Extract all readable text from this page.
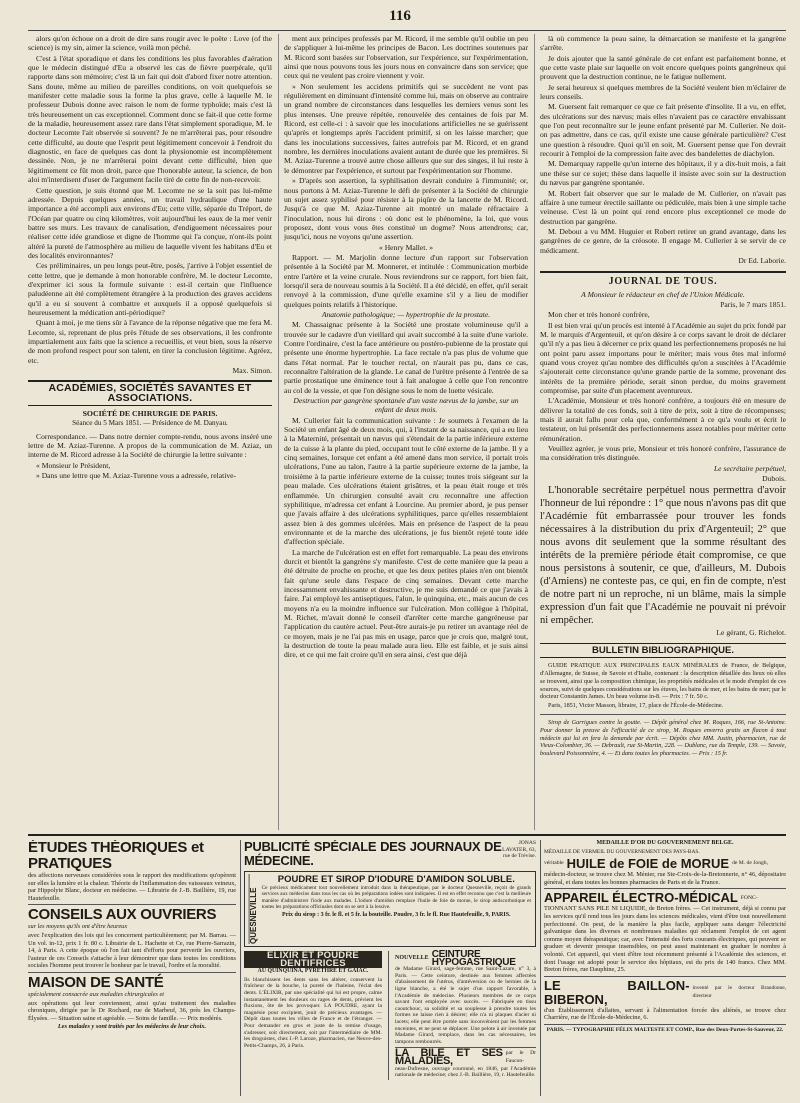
116

alors qu'on échoue on a droit de dire sans rougir avec le poëte : Love (of the science) is my sin, aimer la science, voilà mon péché.

C'est à l'état sporadique et dans les conditions les plus favorables d'aération que le médecin distingué d'Eu a observé les cas de fièvre puerpérale, qu'il rapporte dans son mémoire; c'est là un fait qui doit d'abord fixer notre attention. Sans doute, même au milieu de pareilles conditions, on voit quelquefois se manifester cette maladie sous la forme la plus grave, celle à laquelle M. le professeur Dubois donne avec raison le nom de forme typhoïde; mais c'est là très heureusement un cas exceptionnel. Comment donc se fait-il que cette forme de la maladie, heureusement assez rare dans l'état simplement sporadique, M. le docteur Lecomte l'ait observée si souvent? Je ne m'arrêterai pas, pour résoudre cette difficulté, au doute que l'esprit peut légitimement concevoir à l'endroit du diagnostic, en face de quelques cas dont la physionomie est incomplètement dessinée. Non, je ne m'arrêterai point devant cette difficulté, bien que légitimement ce fût mon droit, parce que l'honorable auteur, la science, de bon aloi m'interdisent d'user de l'argument facile tiré de cette fin de non-recevoir.

Cette question, je suis étonné que M. Lecomte ne se la soit pas lui-même adressée. Depuis quelques années, un travail hydraulique d'une haute importance a été accompli aux environs d'Eu; cette ville, séparée du Tréport, de l'Océan par quatre ou cinq kilomètres, voit aujourd'hui les eaux de la mer venir battre ses murs. Les travaux de canalisation, d'endiguement nécessaires pour réaliser cette idée grandiose et digne de l'homme qui l'a conçue, n'ont-ils point altéré la pureté de l'atmosphère au milieu de laquelle vivent les habitans d'Eu et des localités environnantes?

Ces préliminaires, un peu longs peut-être, posés, j'arrive à l'objet essentiel de cette lettre, que je demande à mon honorable confrère, M. le docteur Lecomte, d'exprimer ici sous la formule suivante : est-il certain que l'influence paludéenne ait été complètement étrangère à la production des graves accidens qu'il a eu si souvent à combattre et auxquels il a opposé quelquefois si heureusement la médication anti-périodique?

Quant à moi, je me tiens sûr à l'avance de la réponse négative que me fera M. Lecomte, si, reprenant de plus près l'étude de ses observations, il les confronte impartialement aux faits que la science a recueillis, et veut bien, sous la réserve de mon profond respect pour son talent, en tirer la conclusion légitime. Agréez, etc.

Max. Simon.

ACADÉMIES, SOCIÉTÉS SAVANTES ET ASSOCIATIONS.
SOCIÉTÉ DE CHIRURGIE DE PARIS.
Séance du 5 Mars 1851. — Présidence de M. Danyau.

Correspondance. — Dans notre dernier compte-rendu, nous avons inséré une lettre de M. Aziaz-Turenne. A propos de la communication de M. Aziaz, un interne de M. Ricord adresse à la Société de chirurgie la lettre suivante :

« Monsieur le Président,

» Dans une lettre que M. Aziaz-Turenne vous a adressée, relative-

ment aux principes professés par M. Ricord, il me semble qu'il oublie un peu de s'appliquer à lui-même les principes de Bacon. Les doctrines soutenues par M. Ricord sont basées sur l'observation, sur l'expérience, sur l'expérimentation, ainsi que nous pouvons tous les jours nous en convaincre dans son service; que ceux qui ne veulent pas croire viennent y voir.

» Non seulement les accidens primitifs qui se succèdent ne vont pas régulièrement en diminuant d'intensité comme lui, mais on observe au contraire un grand nombre de circonstances dans lesquelles les derniers venus sont les plus intenses. Une preuve répétée, renouvelée des centaines de fois par M. Ricord, est celle-ci : à savoir que les inoculations artificielles ne se guérissent qu'après et longtemps après l'accident primitif, si on les laisse marcher; que dans les inoculations successives, faites autrefois par M. Ricord, et en grand nombre, les dernières inoculations avaient autant de durée que les premières. Si M. Aziaz-Turenne a trouvé autre chose ailleurs que sur des singes, il lui reste à le démontrer par l'expérience, et surtout par l'expérimentation sur l'homme.

» D'après son assertion, la syphilisation devrait conduire à l'immunité; or, nous portons à M. Aziaz-Turenne le défi de présenter à la Société de chirurgie un sujet assez syphilisé pour résister à la piqûre de la lancette de M. Ricord. Jusqu'à ce que M. Aziaz-Turenne ait montré un malade réfractaire à l'inoculation, nous lui dirons : où donc est le phénomène, la loi, que vous proposez, dont vous vous êtes constitué un dogme? Nous attendrons; car, jusqu'ici, nous ne voyons qu'une assertion.

« Henry Mallet. »

Rapport. — M. Marjolin donne lecture d'un rapport sur l'observation présentée à la Société par M. Monneret, et intitulée : Communication morbide entre l'artère et la veine crurale. Nous reviendrons sur ce rapport, fort bien fait, lorsqu'il sera de nouveau soumis à la Société. Il a été décidé, en effet, qu'il serait renvoyé à la commission, d'une qu'elle examine s'il y a lieu de modifier quelques points relatifs à l'historique.

Anatomie pathologique; — hypertrophie de la prostate.

M. Chassaignac présente à la Société une prostate volumineuse qu'il a trouvée sur le cadavre d'un vieillard qui avait succombé à la suite d'une variole. Contre l'ordinaire, c'est la face antérieure ou postéro-pubienne de la prostate qui présente une énorme hypertrophie. La face rectale n'a pas plus de volume que dans l'état normal. Par le toucher rectal, on n'aurait pas pu, dans ce cas, reconnaître l'altération de la glande. Le canal de l'urètre présente à l'entrée de sa partie prostatique une éminence tout à fait analogue à celle que l'on rencontre au col de la vessie, et que l'on désigne sous le nom de luette vésicale.

Destruction par gangrène spontanée d'un vaste nævus de la jambe, sur un enfant de deux mois.

M. Cullerier fait la communication suivante : Je soumets à l'examen de la Société un enfant âgé de deux mois, qui, à l'instant de sa naissance, qui a eu lieu à la Maternité, présentait un nævus qui s'étendait de la partie inférieure externe de la cuisse à la plante du pied, occupant tout le côté externe de la jambe. Il y a cinq semaines, lorsque cet enfant a été amené dans mon service, il portait trois ulcérations, l'une au talon, l'autre à la partie supérieure externe de la jambe, la troisième à la partie inférieure externe de la cuisse; toutes trois siégeant sur la peau malade. Ces ulcérations étaient grisâtres, et la peau était rouge et très enflammée. Un chirurgien consulté avait cru reconnaître une affection syphilitique, m'adressa cet enfant à Lourcine. Au premier abord, je pus penser que j'avais affaire à des ulcérations syphilitiques, parce qu'elles ressemblaient assez bien à des gommes ulcérées. Mais en présence de l'aspect de la peau environnante et de la marche des ulcérations, je fus bientôt rejeté toute idée d'affection spéciale.

La marche de l'ulcération est en effet fort remarquable. La peau des environs durcit et bientôt la gangrène s'y manifeste. C'est de cette manière que la peau a été détruite de proche en proche, et que les deux petites plaies n'en ont bientôt fait qu'une seule dans l'espace de cinq semaines. Devant cette marche incessamment envahissante et destructive, je me suis demandé ce que j'avais à faire. J'ai employé les antiseptiques, l'alun, le quinquina, etc., mais aucun de ces moyens n'a eu la moindre influence sur l'ulcération. Mon collègue à l'hôpital, M. Richet, m'avait donné le conseil d'arrêter cette marche gangréneuse par l'application du cautère actuel. Peut-être aurais-je pu retirer un avantage réel de ce moyen, mais je ne l'ai pas mis en usage, parce que je crois que, malgré tout, la destruction de toute la peau malade aura lieu. Elle est faible, et je suis ainsi dire, et ce qui me fait croire qu'il en sera ainsi, c'est que déjà

là où commence la peau saine, la démarcation se manifeste et la gangrène s'arrête.

Je dois ajouter que la santé générale de cet enfant est parfaitement bonne, et que cette vaste plaie sur laquelle on voit encore quelques points gangréneux qui prouvent que la destruction continue, ne le fatigue nullement.

Je serai heureux si quelques membres de la Société veulent bien m'éclairer de leurs conseils.

M. Guersent fait remarquer ce que ce fait présente d'insolite. Il a vu, en effet, des ulcérations sur des nævus; mais elles n'avaient pas ce caractère envahissant que l'on peut reconnaître sur le jeune enfant présenté par M. Cullerier. Ne doit-on pas admettre, dans ce cas, qu'il existe une cause générale particulière? C'est une question à résoudre. Quoi qu'il en soit, M. Guersent pense que l'on devrait recourir à l'emploi de la compression faite avec des bandelettes de diachylon.

M. Demarquay rappelle qu'un interne des hôpitaux, il y a dix-huit mois, a fait une thèse sur ce sujet; thèse dans laquelle il insiste avec soin sur la destruction du nævus par gangrène spontanée.

M. Robert fait observer que sur le malade de M. Cullerier, on n'avait pas affaire à une tumeur érectile saillante ou pédiculée, mais bien à une simple tache veineuse. C'est là un point qui rend encore plus exceptionnel ce mode de destruction par gangrène.

M. Debout a vu MM. Huguier et Robert retirer un grand avantage, dans les gangrènes de ce genre, de la créosote. Il engage M. Cullerier à se servir de ce médicament.

Dr Ed. Laborie.

JOURNAL DE TOUS.

A Monsieur le rédacteur en chef de l'Union Médicale.

Paris, le 7 mars 1851.

Mon cher et très honoré confrère,

Il est bien vrai qu'un procès est intenté à l'Académie au sujet du prix fondé par M. le marquis d'Argenteuil, et qu'on désire à ce corps savant le droit de déclarer qu'il n'y a pas lieu à décerner ce prix quand les perfectionnemens proposés ne lui ont point paru assez importans pour le mériter; mais vous êtes mal informé quand vous croyez qu'au nombre des difficultés qu'on a suscitées à l'Académie s'ajouterait cette circonstance qu'une grande partie de la somme, provenant des intérêts de la première période, serait sinon perdue, du moins gravement compromise, par suite d'un placement aventureux.

L'Académie, Monsieur et très honoré confrère, a toujours été en mesure de délivrer la totalité de ces fonds, soit à titre de prix, soit à titre de récompenses; mais il aurait fallu pour cela que, conformément à ce qu'a voulu et écrit le testateur, on lui présentât des perfectionnemens assez notables pour mériter cette rémunération.

Veuillez agréer, je vous prie, Monsieur et très honoré confrère, l'assurance de ma considération très distinguée.

Le secrétaire perpétuel,

Dubois.

L'honorable secrétaire perpétuel nous permettra d'avoir l'honneur de lui répondre : 1° que nous n'avons pas dit que l'Académie fût embarrassée pour trouver les fonds nécessaires à la distribution du prix d'Argenteuil; 2° que nous avons dit seulement que la somme résultant des intérêts de la première période était compromise, ce que nous persistons à soutenir, ce que, d'ailleurs, M. Dubois (d'Amiens) ne conteste pas, ce qui, en fin de compte, n'est de notre part ni un reproche, ni un blâme, mais la simple expression d'un fait que l'Académie ne pouvait ni prévoir ni empêcher.

Le gérant, G. Richelot.

BULLETIN BIBLIOGRAPHIQUE.

GUIDE PRATIQUE AUX PRINCIPALES EAUX MINÉRALES de France, de Belgique, d'Allemagne, de Suisse, de Savoie et d'Italie, contenant : la description détaillée des lieux où elles se trouvent, ainsi que la composition chimique, les propriétés médicales et le mode d'emploi de ces sources, suivi de quelques considérations sur les étuves, les bains de mer, et les bains de mer; par le docteur Constantin James. Un beau volume in-8. — Prix : 7 fr. 50 c.

Paris, 1851, Victor Masson, libraire, 17, place de l'École-de-Médecine.

Sirop de Garrigues contre la goutte. — Dépôt général chez M. Roques, 166, rue St-Antoine. Pour donner la preuve de l'efficacité de ce sirop, M. Roques enverra gratis un flacon à tout médecin qui lui en fera la demande par écrit. — Dépôts chez MM. Justin, pharmacien, rue de Vieux-Colombier, 36. — Debrault, rue St-Martin, 228. — Dublanc, rue du Temple, 139. — Savoie, boulevard Poissonnière, 4. — Et dans toutes les pharmacies. — Prix : 15 fr.

ÉTUDES THÉORIQUES et PRATIQUES

des affections nerveuses considérées sous le rapport des modifications qu'opèrent sur elles la lumière et la chaleur. Théorie de l'inflammation des vaisseaux veineux, par Hippolyte Blanc, docteur en médecine. — Librairie de J.-B. Baillière, 19, rue Hautefeuille.

CONSEILS AUX OUVRIERS

sur les moyens qu'ils ont d'être heureux

avec l'explication des lois qui les concernent particulièrement; par M. Barrau. — Un vol. in-12, prix 1 fr. 80 c. Librairie de L. Hachette et Ce, rue Pierre-Sarrazin, 14, à Paris. A cette époque où l'on fait tant d'efforts pour pervertir les ouvriers, l'auteur de ces Conseils s'attache à leur démontrer que dans toutes les conditions sociales l'homme peut trouver le bonheur par le travail, l'ordre et la moralité.

MAISON DE SANTÉ

spécialement consacrée aux maladies chirurgicales et

aux opérations qui leur conviennent, ainsi qu'au traitement des maladies chroniques, dirigée par le Dr Rochard, rue de Marbeuf, 36, près les Champs-Élysées. — Situation saine et agréable. — Soins de famille. — Prix modérés.

Les malades y sont traités par les médecins de leur choix.

PUBLICITÉ SPÉCIALE DES JOURNAUX DE MÉDECINE.
JONAS LAVATER, 63, rue de Trévise.
QUESNEVILLE
POUDRE ET SIROP D'IODURE D'AMIDON SOLUBLE.

Ce précieux médicament tout nouvellement introduit dans la thérapeutique, par le docteur Quesneville, reçoit de grands services aux médecins dans tous les cas où les préparations iodées sont indiquées. Il est en effet reconnu que c'est la meilleure manière d'administrer l'iode aux malades. L'iodure d'amidon remplace l'huile de foie de morue, le sirop antiscorbutique et toutes les préparations officinales dont on se sert à la lessive.

Prix du sirop : 3 fr. le fl. et 5 fr. la bouteille. Poudre, 3 fr. le fl. Rue Hautefeuille, 9, PARIS.

ÉLIXIR ET POUDRE DENTIFRICES

AU QUINQUINA, PYRÈTHRE ET GAÏAC.

Ils blanchissent les dents sans les altérer, conservent la fraîcheur de la bouche, la pureté de l'haleine, l'éclat des dents. L'ÉLIXIR, par une spécialité qui lui est propre, calme instantanément les douleurs ou rages de dents, prévient les fluxions, ôte de les provoquer. LA POUDRE, ayant la magnésie pour excipient, jouit de précieux avantages. — Dépôt dans toutes les villes de France et de l'étranger. — Pour demander en gros et juste de la remise d'usage, s'adresser, soit directement, soit par l'intermédiaire de MM. les droguistes, chez J.-P. Laroze, pharmacien, rue Neuve-des-Petits-Champs, 26, à Paris.

NOUVELLE CEINTURE HYPOGASTRIQUE

de Madame Girard, sage-femme, rue Saint-Lazare, n° 3, à Paris. — Cette ceinture, destinée aux femmes affectées d'abaissement de l'utérus, d'antéversion ou de hernies de la ligne blanche, a été le sujet d'un rapport favorable, à l'Académie de médecine. Plusieurs membres de ce corps savant l'ont employée avec succès. — Fabriquée en tissu caoutchouc, sa solidité et sa souplesse à prendre toutes les formes ne laisse rien à désirer; elle n'a ni plaques d'acier ni lacets; elle peut être portée sans inconvénient par les femmes enceintes, et ne peut se déplacer. Une pelote à air inventée par Madame Girard, remplace, dans les cas nécessaires, les tampons rembourrés.

LA BILE ET SES MALADIES,
par le Dr Faucon-

neau-Dufresne, ouvrage couronné, en 1846, par l'Académie nationale de médecine; chez J.-B. Baillière, 19, r. Hautefeuille.

MÉDAILLE D'OR DU GOUVERNEMENT BELGE.

MÉDAILLE DE VERMEIL DU GOUVERNEMENT DES PAYS-BAS.

véritable HUILE de FOIE de MORUE de M. de Jongh,

médecin-docteur, se trouve chez M. Ménier, rue Ste-Croix-de-la-Bretonnerie, n° 46, dépositaire général, et dans toutes les bonnes pharmacies de Paris et de la France.

APPAREIL ÉLECTRO-MÉDICAL FONC-

TIONNANT SANS PILE NI LIQUIDE, de Breton frères. — Cet instrument, déjà si connu par les services qu'il rend tous les jours dans les sciences médicales, vient d'être tout nouvellement perfectionné. On peut, de la manière la plus facile, appliquer sans danger l'électricité galvanique dans les diverses et nombreuses maladies qui réclament l'emploi de cet agent comme moyen thérapeutique; car, avec l'intensité des forts courants électriques, qui peuvent se graduer et devenir presque insensibles, on peut aussi maintenant en graduer le nombre à volonté. Cet appareil, qui vient d'être tout récemment présenté à l'Académie des sciences, et dont l'usage est adopté pour le service des hôpitaux, est du prix de 140 francs. Chez MM. Breton frères, rue Dauphine, 25.

LE BAILLON-BIBERON,
inventé par le docteur Brandonne, directeur

d'un Établissement d'allaites, servant à l'alimentation forcée des aliénés, se trouve chez Charrière, rue de l'École-de-Médecine, 6.

PARIS. — TYPOGRAPHIE FÉLIX MALTESTE ET COMP., Rue des Deux-Portes-St-Sauveur, 22.
